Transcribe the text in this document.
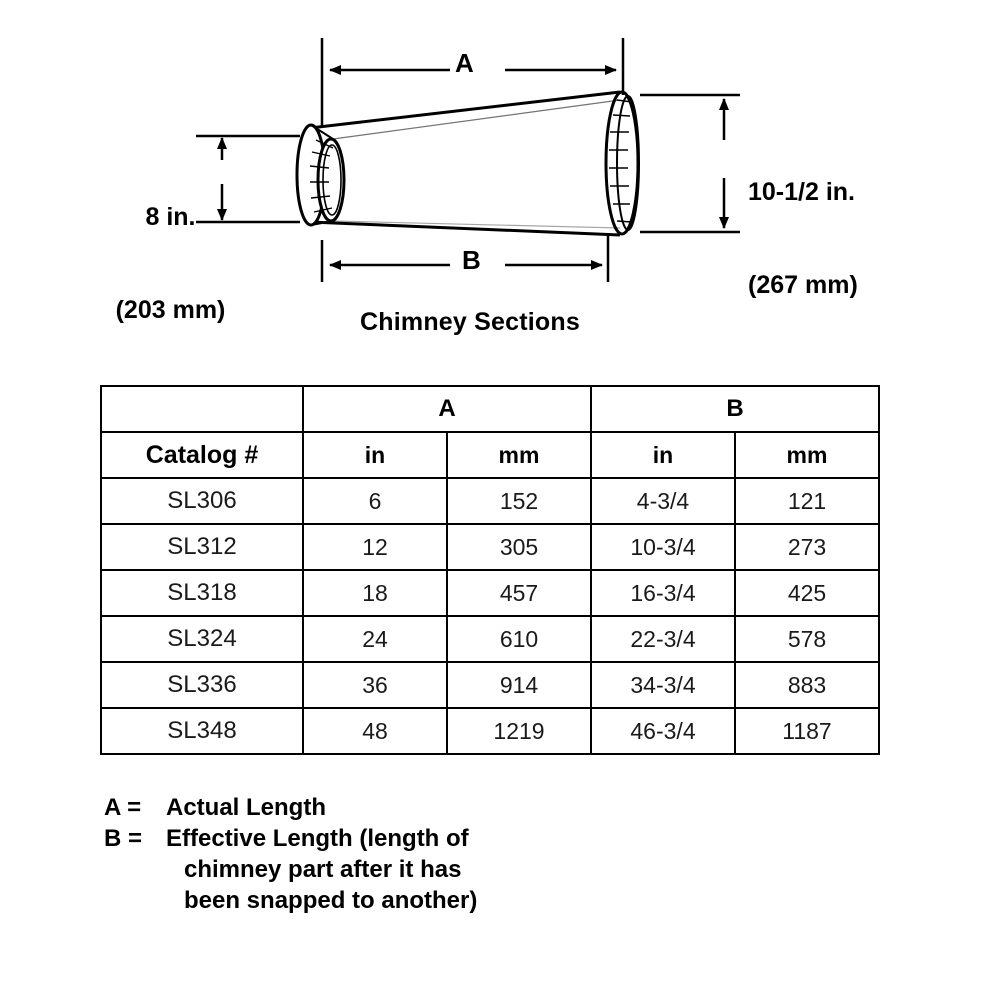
A
B

8 in.

(203 mm)

10-1/2 in.

(267 mm)

Chimney Sections
	A		B	
Catalog #	in	mm	in	mm
SL306	6	152	4-3/4	121
SL312	12	305	10-3/4	273
SL318	18	457	16-3/4	425
SL324	24	610	22-3/4	578
SL336	36	914	34-3/4	883
SL348	48	1219	46-3/4	1187
A =	Actual Length
B = Effective Length (length of
chimney part after it has
been snapped to another)
